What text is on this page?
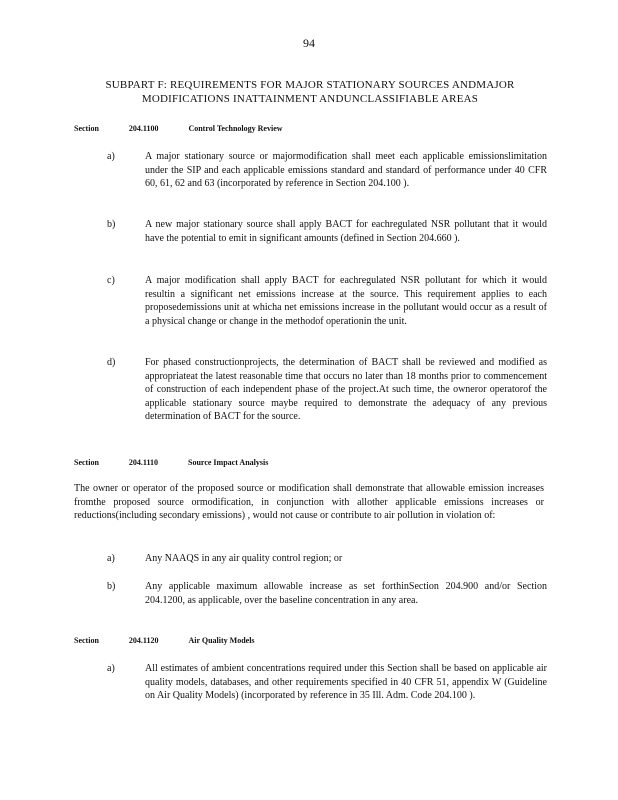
94
SUBPART F: REQUIREMENTS FOR MAJOR STATIONARY SOURCES ANDMAJOR
MODIFICATIONS INATTAINMENT ANDUNCLASSIFIABLE AREAS
Section	204.1100	Control Technology Review
a)	A major stationary source or majormodification shall meet each applicable emissionslimitation under the SIP and each applicable emissions standard and standard of performance under 40 CFR 60, 61, 62 and 63 (incorporated by reference in Section 204.100 ).
b)	A new major stationary source shall apply BACT for eachregulated NSR pollutant that it would have the potential to emit in significant amounts (defined in Section 204.660 ).
c)	A major modification shall apply BACT for eachregulated NSR pollutant for which it would resultin a significant net emissions increase at the source. This requirement applies to each proposedemissions unit at whicha net emissions increase in the pollutant would occur as a result of a physical change or change in the methodof operationin the unit.
d)	For phased constructionprojects, the determination of BACT shall be reviewed and modified as appropriateat the latest reasonable time that occurs no later than 18 months prior to commencement of construction of each independent phase of the project.At such time, the owneror operatorof the applicable stationary source maybe required to demonstrate the adequacy of any previous determination of BACT for the source.
Section	204.1110	Source Impact Analysis
The owner or operator of the proposed source or modification shall demonstrate that allowable emission increases fromthe proposed source ormodification, in conjunction with allother applicable emissions increases or reductions(including secondary emissions) , would not cause or contribute to air pollution in violation of:
a)	Any NAAQS in any air quality control region; or
b)	Any applicable maximum allowable increase as set forthinSection 204.900 and/or Section 204.1200, as applicable, over the baseline concentration in any area.
Section	204.1120	Air Quality Models
a)	All estimates of ambient concentrations required under this Section shall be based on applicable air quality models, databases, and other requirements specified in 40 CFR 51, appendix W (Guideline on Air Quality Models) (incorporated by reference in 35 Ill. Adm. Code 204.100 ).
